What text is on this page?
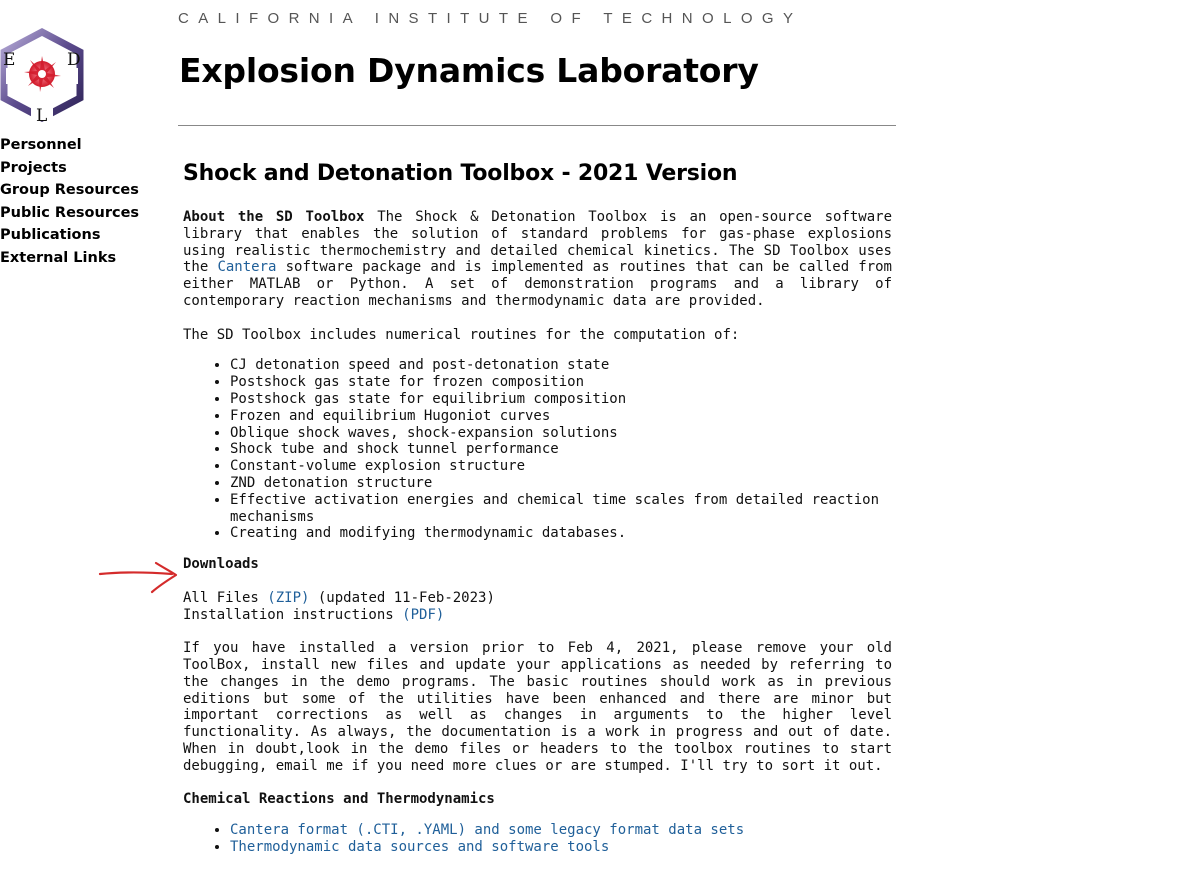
E	D
L
Personnel
Projects
Group Resources
Public Resources
Publications
External Links
CALIFORNIA INSTITUTE OF TECHNOLOGY
Explosion Dynamics Laboratory
Shock and Detonation Toolbox - 2021 Version

About the SD Toolbox The Shock & Detonation Toolbox is an open-source software library that enables the solution of standard problems for gas-phase explosions using realistic thermochemistry and detailed chemical kinetics. The SD Toolbox uses the Cantera software package and is implemented as routines that can be called from either MATLAB or Python. A set of demonstration programs and a library of contemporary reaction mechanisms and thermodynamic data are provided.

The SD Toolbox includes numerical routines for the computation of:

• CJ detonation speed and post-detonation state
• Postshock gas state for frozen composition
• Postshock gas state for equilibrium composition
• Frozen and equilibrium Hugoniot curves
• Oblique shock waves, shock-expansion solutions
• Shock tube and shock tunnel performance
• Constant-volume explosion structure
• ZND detonation structure
• Effective activation energies and chemical time scales from detailed reaction mechanisms
• Creating and modifying thermodynamic databases.
Downloads
All Files (ZIP) (updated 11-Feb-2023)
Installation instructions (PDF)

If you have installed a version prior to Feb 4, 2021, please remove your old ToolBox, install new files and update your applications as needed by referring to the changes in the demo programs. The basic routines should work as in previous editions but some of the utilities have been enhanced and there are minor but important corrections as well as changes in arguments to the higher level functionality. As always, the documentation is a work in progress and out of date. When in doubt,look in the demo files or headers to the toolbox routines to start debugging, email me if you need more clues or are stumped. I'll try to sort it out.

Chemical Reactions and Thermodynamics
• Cantera format (.CTI, .YAML) and some legacy format data sets
• Thermodynamic data sources and software tools
